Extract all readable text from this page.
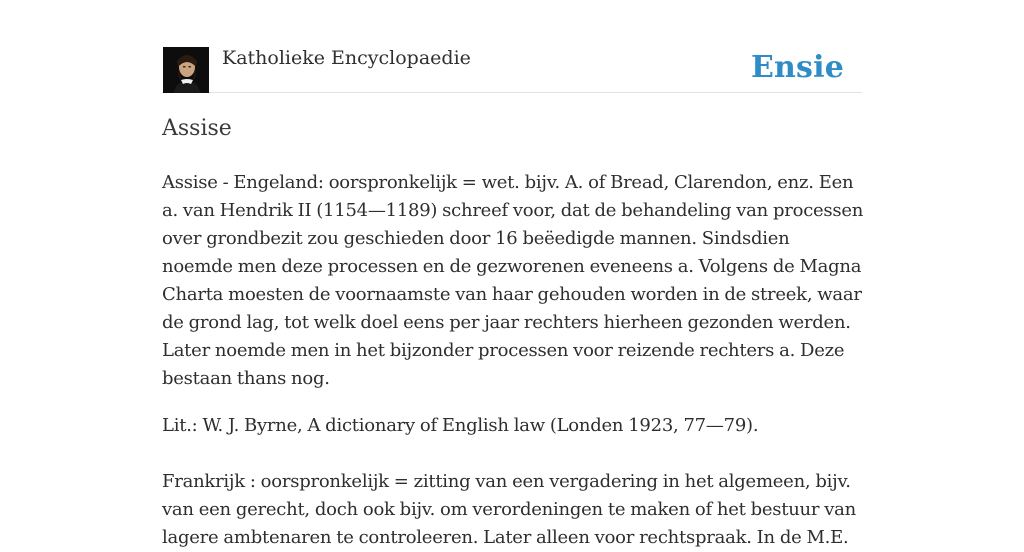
Katholieke Encyclopaedie	Ensie
Assise

Assise - Engeland: oorspronkelijk = wet. bijv. A. of Bread, Clarendon, enz. Een a. van Hendrik II (1154—1189) schreef voor, dat de behandeling van processen over grondbezit zou geschieden door 16 beëedigde mannen. Sindsdien noemde men deze processen en de gezworenen eveneens a. Volgens de Magna Charta moesten de voornaamste van haar gehouden worden in de streek, waar de grond lag, tot welk doel eens per jaar rechters hierheen gezonden werden. Later noemde men in het bijzonder processen voor reizende rechters a. Deze bestaan thans nog.

Lit.: W. J. Byrne, A dictionary of English law (Londen 1923, 77—79).

Frankrijk : oorspronkelijk = zitting van een vergadering in het algemeen, bijv. van een gerecht, doch ook bijv. om verordeningen te maken of het bestuur van lagere ambtenaren te controleeren. Later alleen voor rechtspraak. In de M.E.
